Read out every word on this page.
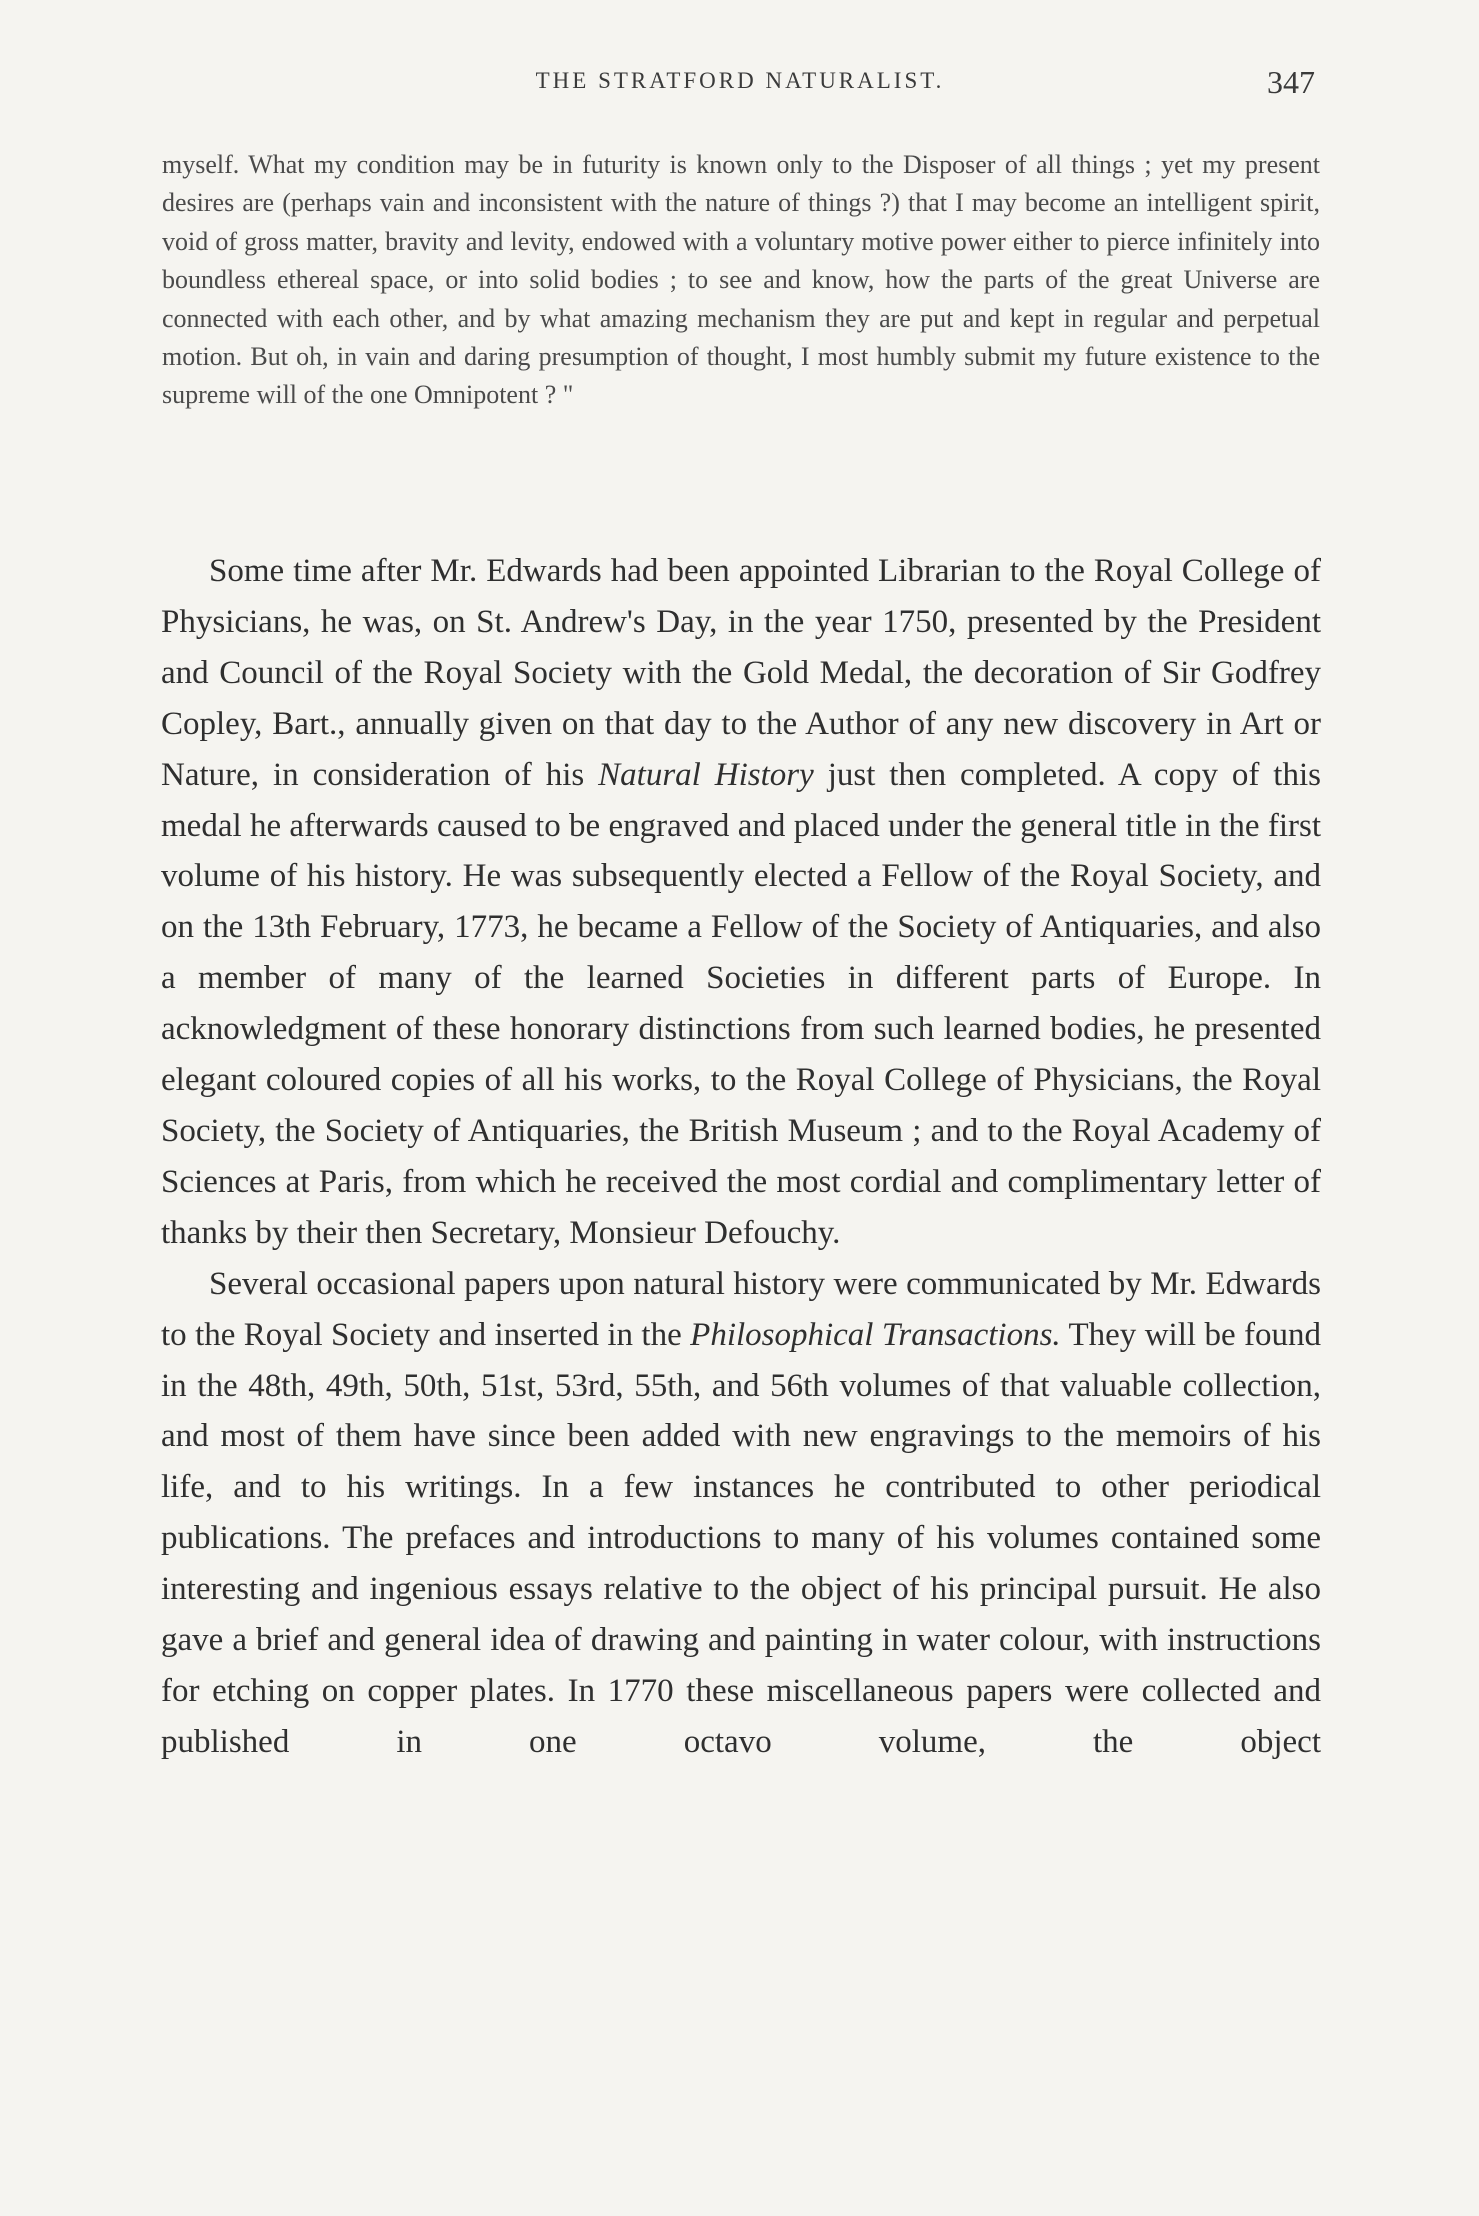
THE STRATFORD NATURALIST.	347

myself. What my condition may be in futurity is known only to the Disposer of all things ; yet my present desires are (perhaps vain and inconsistent with the nature of things ?) that I may become an intelligent spirit, void of gross matter, bravity and levity, endowed with a voluntary motive power either to pierce infinitely into boundless ethereal space, or into solid bodies ; to see and know, how the parts of the great Universe are connected with each other, and by what amazing mechanism they are put and kept in regular and perpetual motion. But oh, in vain and daring presumption of thought, I most humbly submit my future existence to the supreme will of the one Omnipotent ? "

Some time after Mr. Edwards had been appointed Librarian to the Royal College of Physicians, he was, on St. Andrew's Day, in the year 1750, presented by the President and Council of the Royal Society with the Gold Medal, the decoration of Sir Godfrey Copley, Bart., annually given on that day to the Author of any new discovery in Art or Nature, in consideration of his Natural History just then completed. A copy of this medal he afterwards caused to be engraved and placed under the general title in the first volume of his history. He was subsequently elected a Fellow of the Royal Society, and on the 13th February, 1773, he became a Fellow of the Society of Antiquaries, and also a member of many of the learned Societies in different parts of Europe. In acknowledgment of these honorary distinctions from such learned bodies, he presented elegant coloured copies of all his works, to the Royal College of Physicians, the Royal Society, the Society of Antiquaries, the British Museum ; and to the Royal Academy of Sciences at Paris, from which he received the most cordial and complimentary letter of thanks by their then Secretary, Monsieur Defouchy.

Several occasional papers upon natural history were communicated by Mr. Edwards to the Royal Society and inserted in the Philosophical Transactions. They will be found in the 48th, 49th, 50th, 51st, 53rd, 55th, and 56th volumes of that valuable collection, and most of them have since been added with new engravings to the memoirs of his life, and to his writings. In a few instances he contributed to other periodical publications. The prefaces and introductions to many of his volumes contained some interesting and ingenious essays relative to the object of his principal pursuit. He also gave a brief and general idea of drawing and painting in water colour, with instructions for etching on copper plates. In 1770 these miscellaneous papers were collected and published in one octavo volume, the object
